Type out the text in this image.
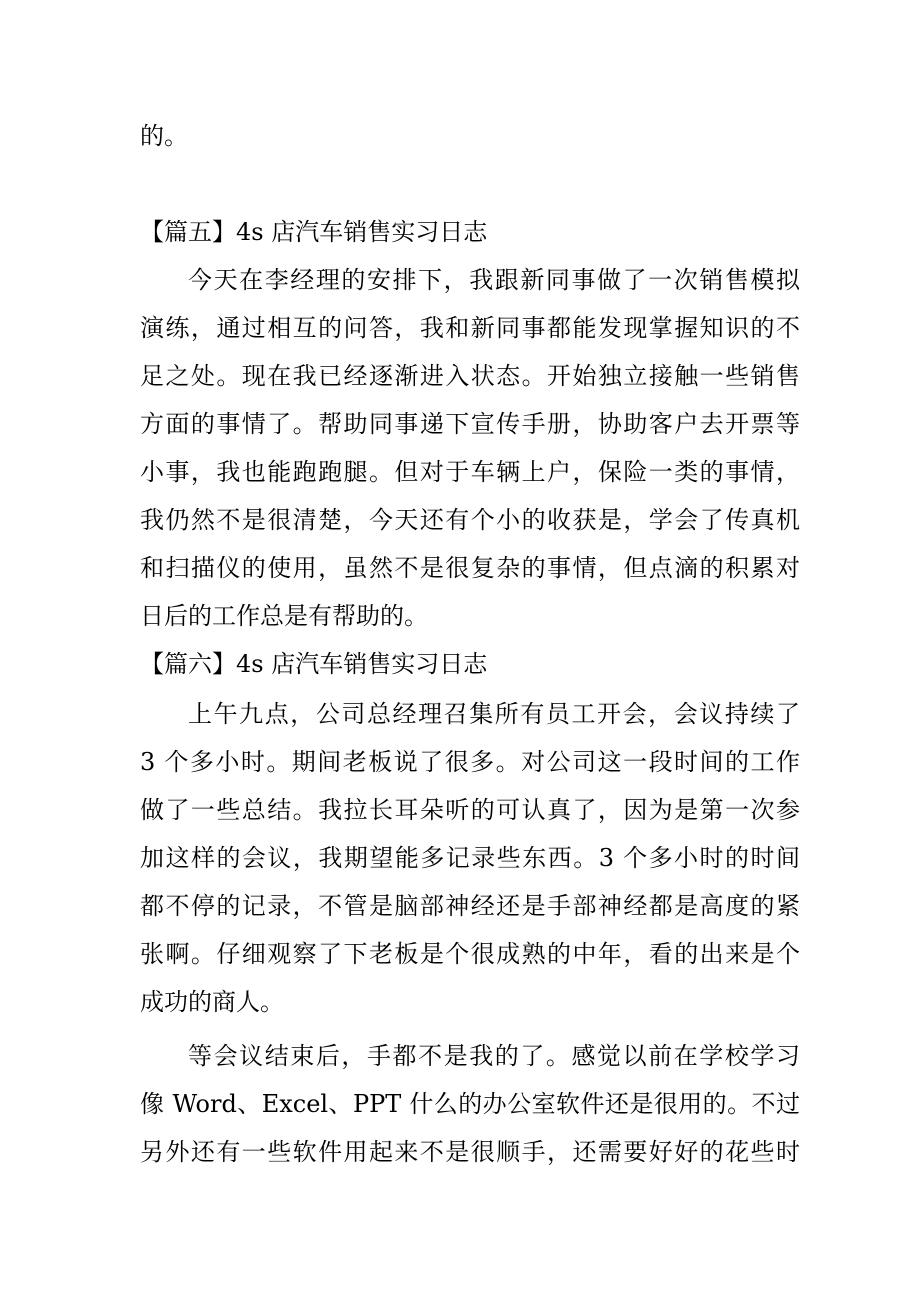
的。
【篇五】4s 店汽车销售实习日志
今天在李经理的安排下，我跟新同事做了一次销售模拟
演练，通过相互的问答，我和新同事都能发现掌握知识的不
足之处。现在我已经逐渐进入状态。开始独立接触一些销售
方面的事情了。帮助同事递下宣传手册，协助客户去开票等
小事，我也能跑跑腿。但对于车辆上户，保险一类的事情，
我仍然不是很清楚，今天还有个小的收获是，学会了传真机
和扫描仪的使用，虽然不是很复杂的事情，但点滴的积累对
日后的工作总是有帮助的。
【篇六】4s 店汽车销售实习日志
上午九点，公司总经理召集所有员工开会，会议持续了
3 个多小时。期间老板说了很多。对公司这一段时间的工作
做了一些总结。我拉长耳朵听的可认真了，因为是第一次参
加这样的会议，我期望能多记录些东西。3 个多小时的时间
都不停的记录，不管是脑部神经还是手部神经都是高度的紧
张啊。仔细观察了下老板是个很成熟的中年，看的出来是个
成功的商人。
等会议结束后，手都不是我的了。感觉以前在学校学习
像 Word、Excel、PPT 什么的办公室软件还是很用的。不过
另外还有一些软件用起来不是很顺手，还需要好好的花些时
